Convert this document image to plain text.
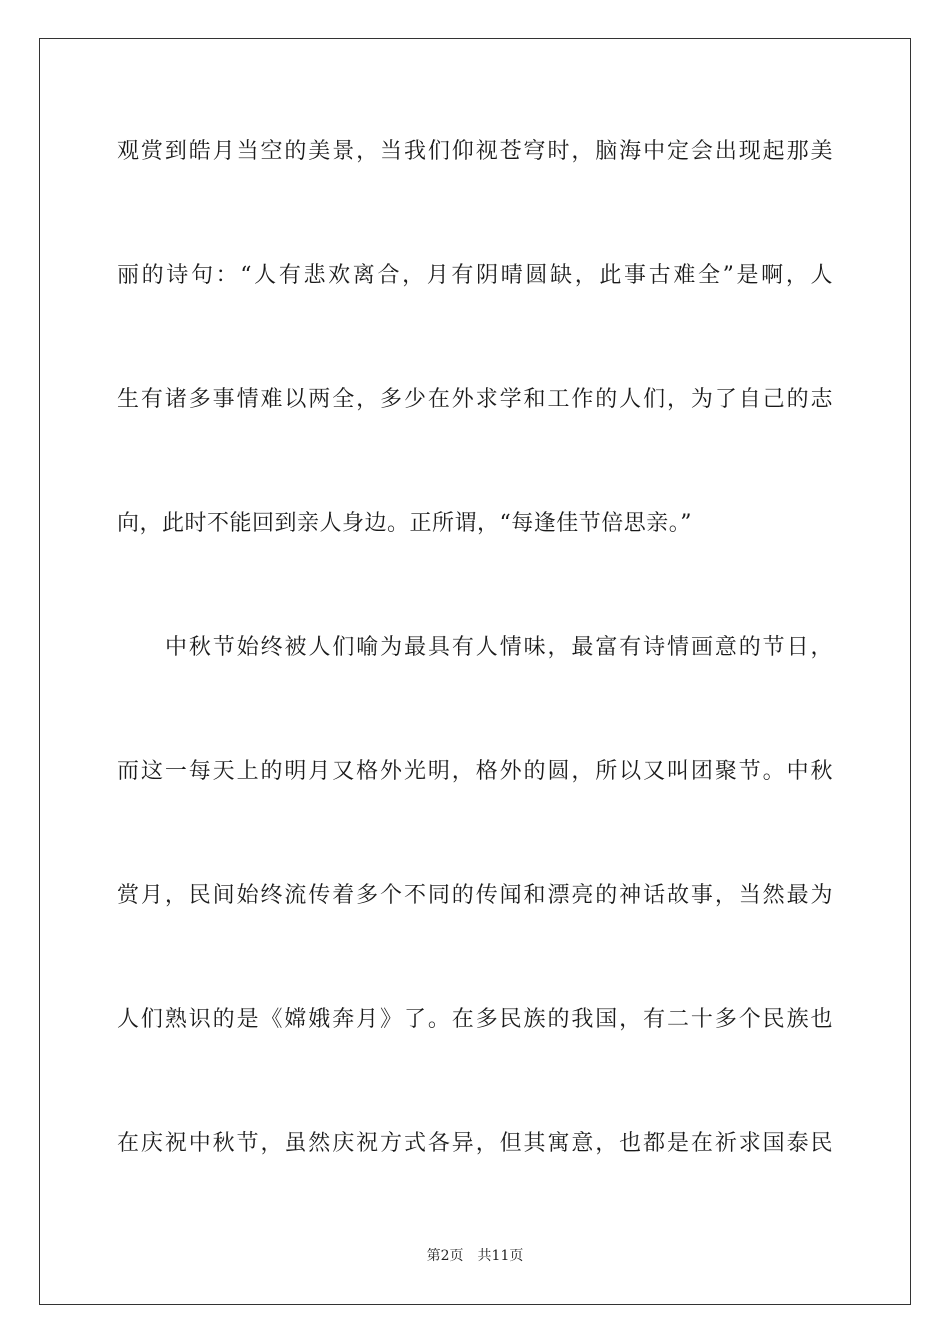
观赏到皓月当空的美景，当我们仰视苍穹时，脑海中定会出现起那美
丽的诗句：“人有悲欢离合，月有阴晴圆缺，此事古难全”是啊，人
生有诸多事情难以两全，多少在外求学和工作的人们，为了自己的志
向，此时不能回到亲人身边。正所谓，“每逢佳节倍思亲。”
中秋节始终被人们喻为最具有人情味，最富有诗情画意的节日，
而这一每天上的明月又格外光明，格外的圆，所以又叫团聚节。中秋
赏月，民间始终流传着多个不同的传闻和漂亮的神话故事，当然最为
人们熟识的是《嫦娥奔月》了。在多民族的我国，有二十多个民族也
在庆祝中秋节，虽然庆祝方式各异，但其寓意，也都是在祈求国泰民
第2页 共11页
